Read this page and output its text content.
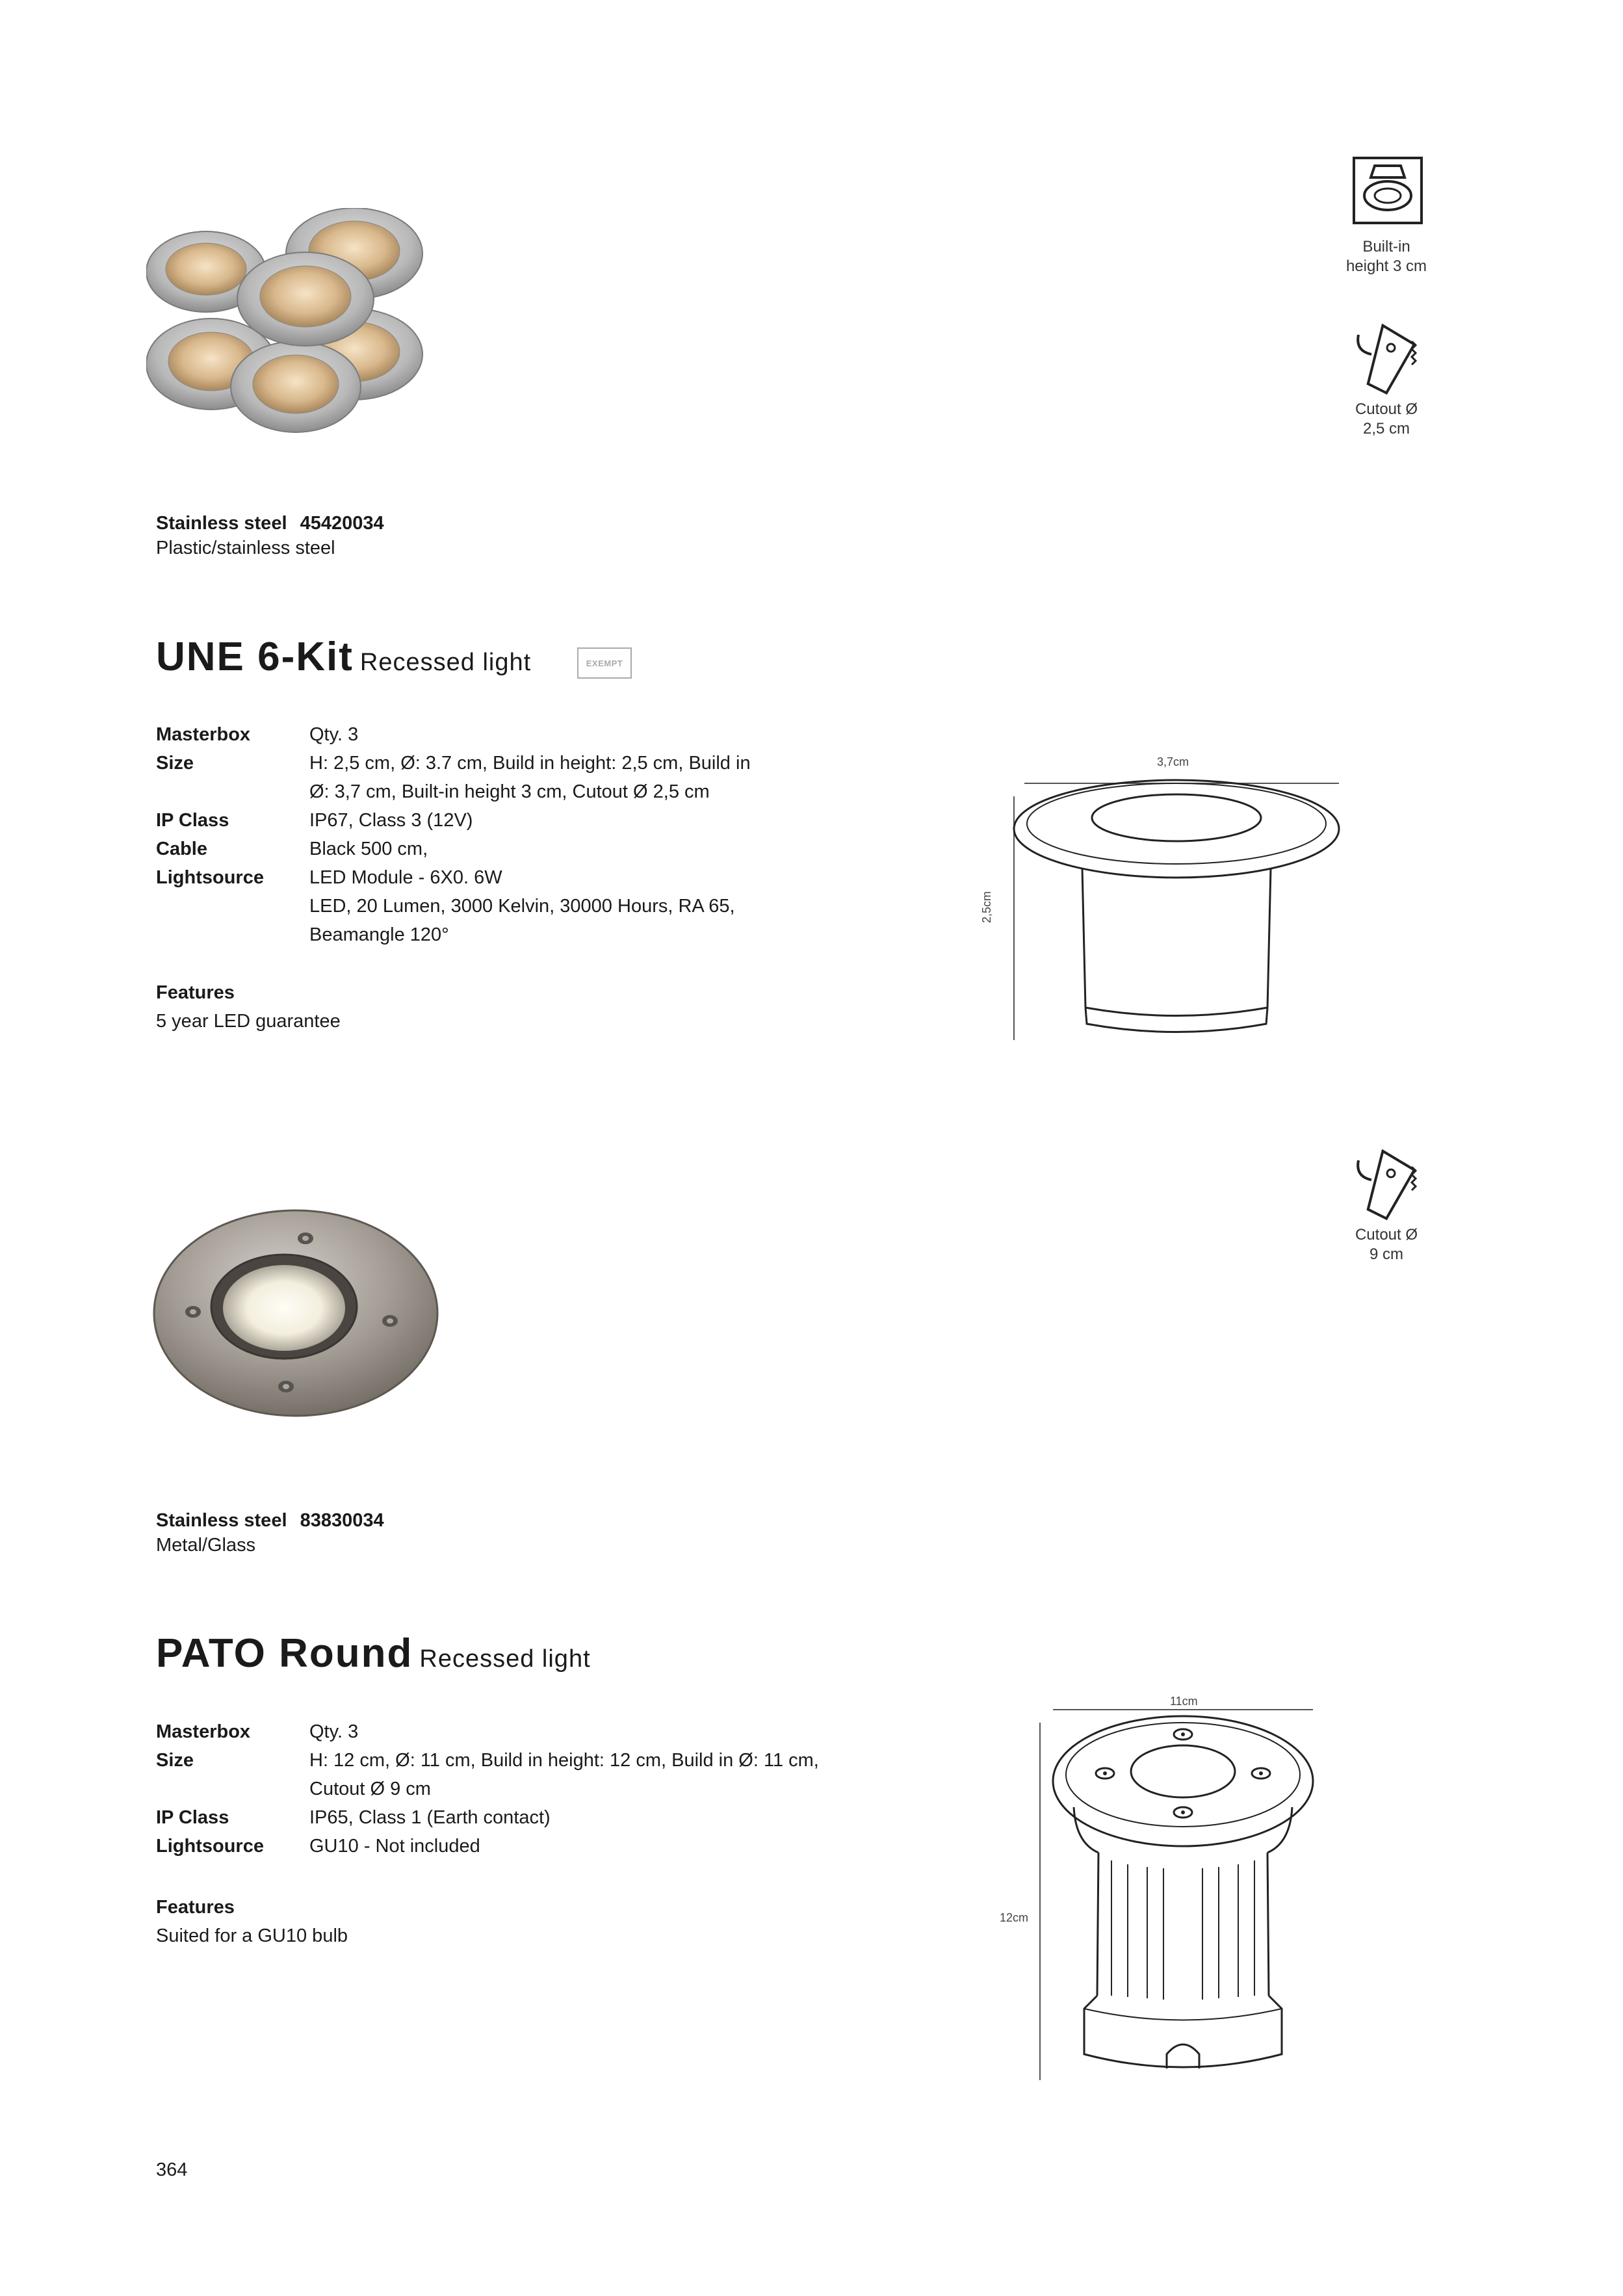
Built-in
height 3 cm
Cutout Ø
2,5 cm
Stainless steel 45420034
Plastic/stainless steel
UNE 6-Kit Recessed light	EXEMPT
Masterbox	Qty. 3
Size	H: 2,5 cm, Ø: 3.7 cm, Build in height: 2,5 cm, Build in
Ø: 3,7 cm, Built-in height 3 cm, Cutout Ø 2,5 cm
IP Class	IP67, Class 3 (12V)
Cable	Black 500 cm,
Lightsource	LED Module - 6X0. 6W
LED, 20 Lumen, 3000 Kelvin, 30000 Hours, RA 65,
Beamangle 120°
Features
5 year LED guarantee
3,7cm
2,5cm
Cutout Ø
9 cm
Stainless steel 83830034
Metal/Glass
PATO Round Recessed light
Masterbox	Qty. 3
Size	H: 12 cm, Ø: 11 cm, Build in height: 12 cm, Build in Ø: 11 cm,
Cutout Ø 9 cm
IP Class	IP65, Class 1 (Earth contact)
Lightsource	GU10 - Not included
Features
Suited for a GU10 bulb
11cm
12cm
364
